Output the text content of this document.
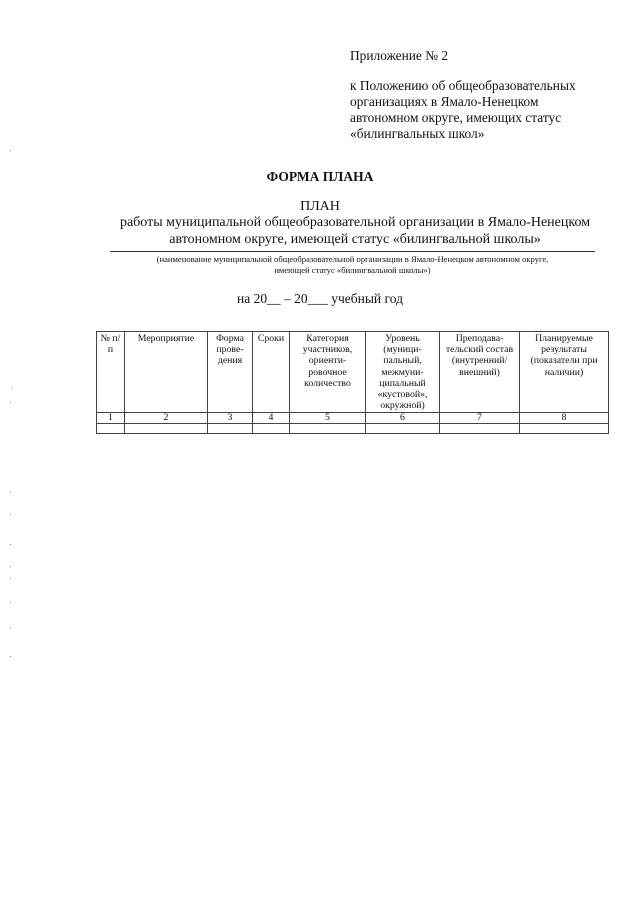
Приложение № 2
к Положению об общеобразовательных
организациях в Ямало-Ненецком
автономном округе, имеющих статус
«билингвальных школ»
ФОРМА ПЛАНА
ПЛАН
работы муниципальной общеобразовательной организации в Ямало-Ненецком
автономном округе, имеющей статус «билингвальной школы»
(наименование муниципальной общеобразовательной организации в Ямало-Ненецком автономном округе,
имеющей статус «билингвальной школы»)
на 20__ – 20___ учебный год
№ п/п	Мероприятие	Форма прове-дения	Сроки	Категория участников, ориенти-ровочное количество	Уровень (муници-пальный, межмуни-ципальный «кустовой», окружной)	Преподава-тельский состав (внутренний/ внешний)	Планируемые результаты (показатели при наличии)
1	2	3	4	5	6	7	8
